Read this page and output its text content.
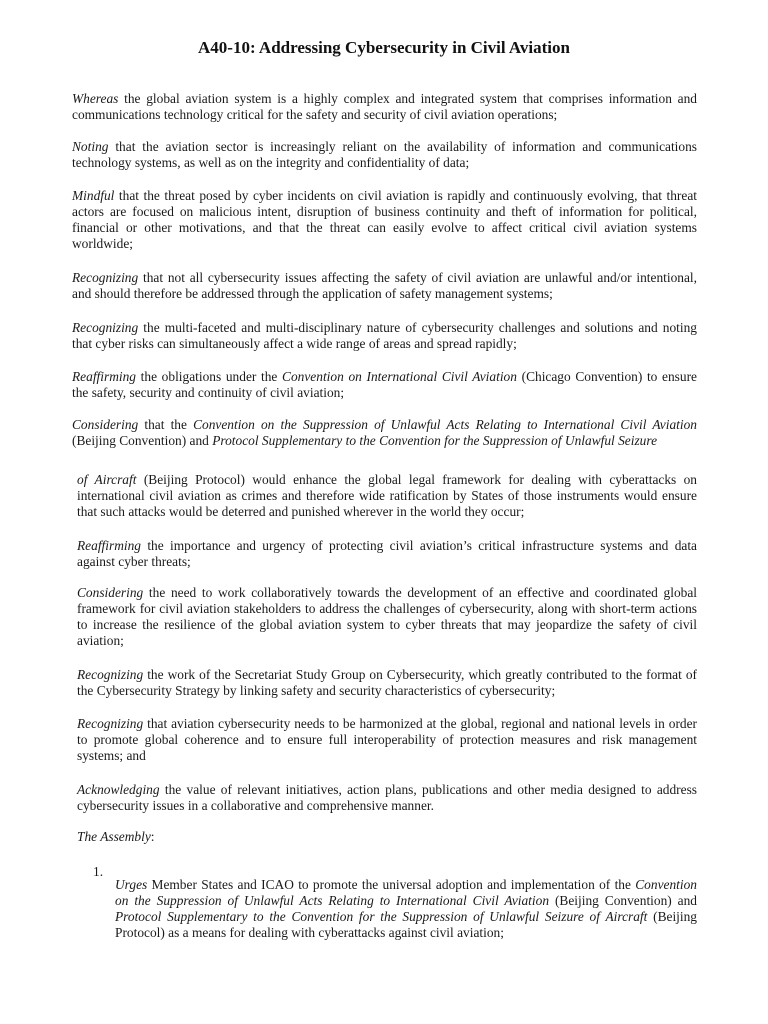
A40-10: Addressing Cybersecurity in Civil Aviation

Whereas the global aviation system is a highly complex and integrated system that comprises information and communications technology critical for the safety and security of civil aviation operations;

Noting that the aviation sector is increasingly reliant on the availability of information and communications technology systems, as well as on the integrity and confidentiality of data;

Mindful that the threat posed by cyber incidents on civil aviation is rapidly and continuously evolving, that threat actors are focused on malicious intent, disruption of business continuity and theft of information for political, financial or other motivations, and that the threat can easily evolve to affect critical civil aviation systems worldwide;

Recognizing that not all cybersecurity issues affecting the safety of civil aviation are unlawful and/or intentional, and should therefore be addressed through the application of safety management systems;

Recognizing the multi-faceted and multi-disciplinary nature of cybersecurity challenges and solutions and noting that cyber risks can simultaneously affect a wide range of areas and spread rapidly;

Reaffirming the obligations under the Convention on International Civil Aviation (Chicago Convention) to ensure the safety, security and continuity of civil aviation;

Considering that the Convention on the Suppression of Unlawful Acts Relating to International Civil Aviation (Beijing Convention) and Protocol Supplementary to the Convention for the Suppression of Unlawful Seizure

of Aircraft (Beijing Protocol) would enhance the global legal framework for dealing with cyberattacks on international civil aviation as crimes and therefore wide ratification by States of those instruments would ensure that such attacks would be deterred and punished wherever in the world they occur;

Reaffirming the importance and urgency of protecting civil aviation’s critical infrastructure systems and data against cyber threats;

Considering the need to work collaboratively towards the development of an effective and coordinated global framework for civil aviation stakeholders to address the challenges of cybersecurity, along with short-term actions to increase the resilience of the global aviation system to cyber threats that may jeopardize the safety of civil aviation;

Recognizing the work of the Secretariat Study Group on Cybersecurity, which greatly contributed to the format of the Cybersecurity Strategy by linking safety and security characteristics of cybersecurity;

Recognizing that aviation cybersecurity needs to be harmonized at the global, regional and national levels in order to promote global coherence and to ensure full interoperability of protection measures and risk management systems; and

Acknowledging the value of relevant initiatives, action plans, publications and other media designed to address cybersecurity issues in a collaborative and comprehensive manner.

The Assembly:

1.

Urges Member States and ICAO to promote the universal adoption and implementation of the Convention on the Suppression of Unlawful Acts Relating to International Civil Aviation (Beijing Convention) and Protocol Supplementary to the Convention for the Suppression of Unlawful Seizure of Aircraft (Beijing Protocol) as a means for dealing with cyberattacks against civil aviation;
